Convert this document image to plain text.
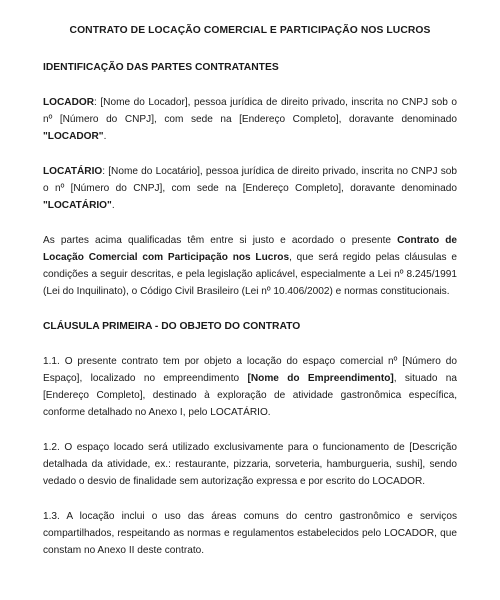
CONTRATO DE LOCAÇÃO COMERCIAL E PARTICIPAÇÃO NOS LUCROS
IDENTIFICAÇÃO DAS PARTES CONTRATANTES

LOCADOR: [Nome do Locador], pessoa jurídica de direito privado, inscrita no CNPJ sob o nº [Número do CNPJ], com sede na [Endereço Completo], doravante denominado "LOCADOR".

LOCATÁRIO: [Nome do Locatário], pessoa jurídica de direito privado, inscrita no CNPJ sob o nº [Número do CNPJ], com sede na [Endereço Completo], doravante denominado "LOCATÁRIO".

As partes acima qualificadas têm entre si justo e acordado o presente Contrato de Locação Comercial com Participação nos Lucros, que será regido pelas cláusulas e condições a seguir descritas, e pela legislação aplicável, especialmente a Lei nº 8.245/1991 (Lei do Inquilinato), o Código Civil Brasileiro (Lei nº 10.406/2002) e normas constitucionais.

CLÁUSULA PRIMEIRA - DO OBJETO DO CONTRATO

1.1. O presente contrato tem por objeto a locação do espaço comercial nº [Número do Espaço], localizado no empreendimento [Nome do Empreendimento], situado na [Endereço Completo], destinado à exploração de atividade gastronômica específica, conforme detalhado no Anexo I, pelo LOCATÁRIO.

1.2. O espaço locado será utilizado exclusivamente para o funcionamento de [Descrição detalhada da atividade, ex.: restaurante, pizzaria, sorveteria, hamburgueria, sushi], sendo vedado o desvio de finalidade sem autorização expressa e por escrito do LOCADOR.

1.3. A locação inclui o uso das áreas comuns do centro gastronômico e serviços compartilhados, respeitando as normas e regulamentos estabelecidos pelo LOCADOR, que constam no Anexo II deste contrato.
